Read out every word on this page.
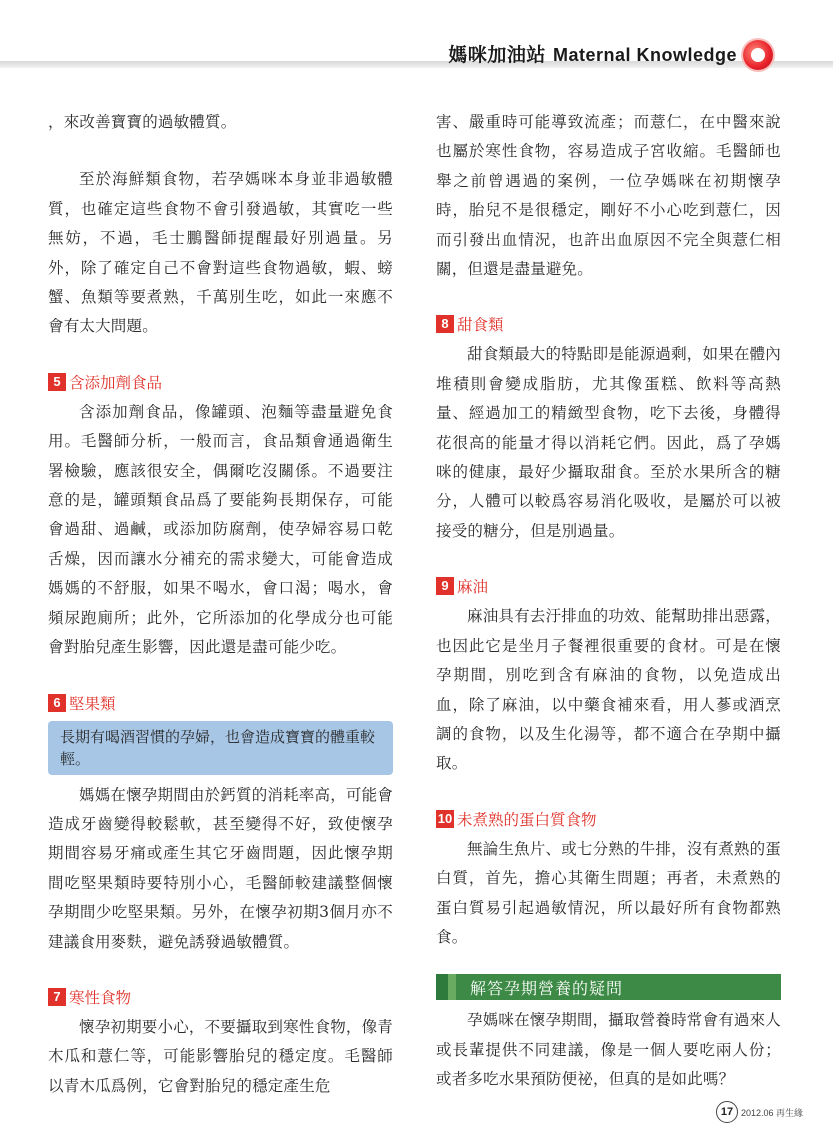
媽咪加油站 Maternal Knowledge

，來改善寶寶的過敏體質。

至於海鮮類食物，若孕媽咪本身並非過敏體質，也確定這些食物不會引發過敏，其實吃一些無妨，不過，毛士鵬醫師提醒最好別過量。另外，除了確定自己不會對這些食物過敏，蝦、螃蟹、魚類等要煮熟，千萬別生吃，如此一來應不會有太大問題。

5 含添加劑食品

含添加劑食品，像罐頭、泡麵等盡量避免食用。毛醫師分析，一般而言，食品類會通過衛生署檢驗，應該很安全，偶爾吃沒關係。不過要注意的是，罐頭類食品爲了要能夠長期保存，可能會過甜、過鹹，或添加防腐劑，使孕婦容易口乾舌燥，因而讓水分補充的需求變大，可能會造成媽媽的不舒服，如果不喝水，會口渴；喝水，會頻尿跑廁所；此外，它所添加的化學成分也可能會對胎兒產生影響，因此還是盡可能少吃。

6 堅果類
長期有喝酒習慣的孕婦，也會造成寶寶的體重較輕。

媽媽在懷孕期間由於鈣質的消耗率高，可能會造成牙齒變得較鬆軟，甚至變得不好，致使懷孕期間容易牙痛或產生其它牙齒問題，因此懷孕期間吃堅果類時要特別小心，毛醫師較建議整個懷孕期間少吃堅果類。另外，在懷孕初期3個月亦不建議食用麥麩，避免誘發過敏體質。

7 寒性食物

懷孕初期要小心，不要攝取到寒性食物，像青木瓜和薏仁等，可能影響胎兒的穩定度。毛醫師以青木瓜爲例，它會對胎兒的穩定產生危

害、嚴重時可能導致流產；而薏仁，在中醫來說也屬於寒性食物，容易造成子宮收縮。毛醫師也舉之前曾遇過的案例，一位孕媽咪在初期懷孕時，胎兒不是很穩定，剛好不小心吃到薏仁，因而引發出血情況，也許出血原因不完全與薏仁相關，但還是盡量避免。

8 甜食類

甜食類最大的特點即是能源過剩，如果在體內堆積則會變成脂肪，尤其像蛋糕、飲料等高熱量、經過加工的精緻型食物，吃下去後，身體得花很高的能量才得以消耗它們。因此，爲了孕媽咪的健康，最好少攝取甜食。至於水果所含的糖分，人體可以較爲容易消化吸收，是屬於可以被接受的糖分，但是別過量。

9 麻油

麻油具有去汙排血的功效、能幫助排出惡露，也因此它是坐月子餐裡很重要的食材。可是在懷孕期間，別吃到含有麻油的食物，以免造成出血，除了麻油，以中藥食補來看，用人蔘或酒烹調的食物，以及生化湯等，都不適合在孕期中攝取。

10 未煮熟的蛋白質食物

無論生魚片、或七分熟的牛排，沒有煮熟的蛋白質，首先，擔心其衛生問題；再者，未煮熟的蛋白質易引起過敏情況，所以最好所有食物都熟食。

解答孕期營養的疑問

孕媽咪在懷孕期間，攝取營養時常會有過來人或長輩提供不同建議，像是一個人要吃兩人份；或者多吃水果預防便祕，但真的是如此嗎？

17 2012.06 再生緣
